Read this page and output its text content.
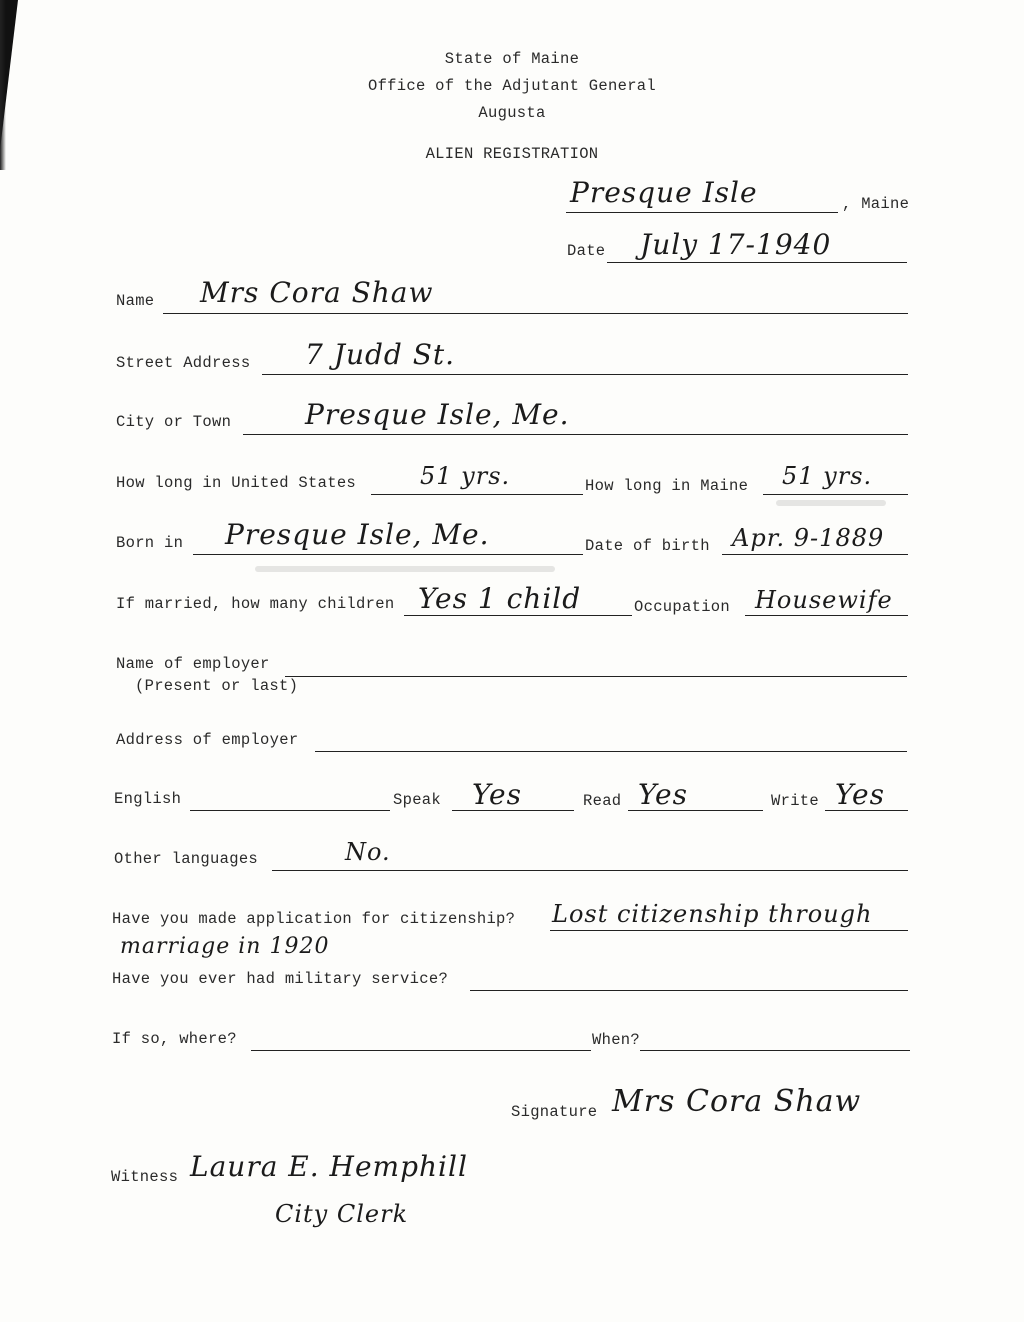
State of Maine
Office of the Adjutant General
Augusta
ALIEN REGISTRATION
Presque Isle	, Maine
Date July 17-1940
Name Mrs Cora Shaw
Street Address 7 Judd St.
City or Town	Presque Isle, Me.
How long in United States	51 yrs.	How long in Maine 51 yrs.
Born in Presque Isle, Me.	Date of birth Apr. 9-1889
If married, how many children Yes 1 child	Occupation Housewife
Name of employer
(Present or last)
Address of employer
English	Speak Yes	Read Yes	Write Yes
Other languages	No.
Have you made application for citizenship? Lost citizenship through
marriage in 1920
Have you ever had military service?
If so, where?	When?
Signature Mrs Cora Shaw
Witness Laura E. Hemphill
City Clerk
